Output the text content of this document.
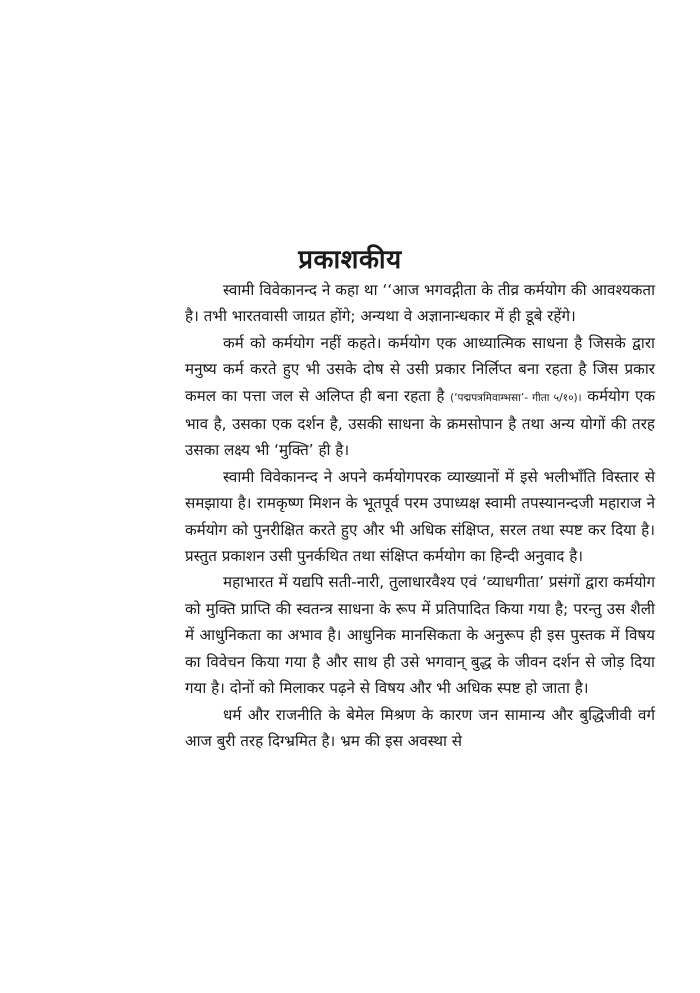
प्रकाशकीय

स्वामी विवेकानन्द ने कहा था ‘‘आज भगवद्गीता के तीव्र कर्मयोग की आवश्यकता है। तभी भारतवासी जाग्रत होंगे; अन्यथा वे अज्ञानान्धकार में ही डूबे रहेंगे।

कर्म को कर्मयोग नहीं कहते। कर्मयोग एक आध्यात्मिक साधना है जिसके द्वारा मनुष्य कर्म करते हुए भी उसके दोष से उसी प्रकार निर्लिप्त बना रहता है जिस प्रकार कमल का पत्ता जल से अलिप्त ही बना रहता है (‘पद्मपत्रमिवाम्भसा’- गीता ५/१०)। कर्मयोग एक भाव है, उसका एक दर्शन है, उसकी साधना के क्रमसोपान है तथा अन्य योगों की तरह उसका लक्ष्य भी ‘मुक्ति’ ही है।

स्वामी विवेकानन्द ने अपने कर्मयोगपरक व्याख्यानों में इसे भलीभाँति विस्तार से समझाया है। रामकृष्ण मिशन के भूतपूर्व परम उपाध्यक्ष स्वामी तपस्यानन्दजी महाराज ने कर्मयोग को पुनरीक्षित करते हुए और भी अधिक संक्षिप्त, सरल तथा स्पष्ट कर दिया है। प्रस्तुत प्रकाशन उसी पुनर्कथित तथा संक्षिप्त कर्मयोग का हिन्दी अनुवाद है।

महाभारत में यद्यपि सती-नारी, तुलाधारवैश्य एवं ‘व्याधगीता’ प्रसंगों द्वारा कर्मयोग को मुक्ति प्राप्ति की स्वतन्त्र साधना के रूप में प्रतिपादित किया गया है; परन्तु उस शैली में आधुनिकता का अभाव है। आधुनिक मानसिकता के अनुरूप ही इस पुस्तक में विषय का विवेचन किया गया है और साथ ही उसे भगवान् बुद्ध के जीवन दर्शन से जोड़ दिया गया है। दोनों को मिलाकर पढ़ने से विषय और भी अधिक स्पष्ट हो जाता है।

धर्म और राजनीति के बेमेल मिश्रण के कारण जन सामान्य और बुद्धिजीवी वर्ग आज बुरी तरह दिग्भ्रमित है। भ्रम की इस अवस्था से
